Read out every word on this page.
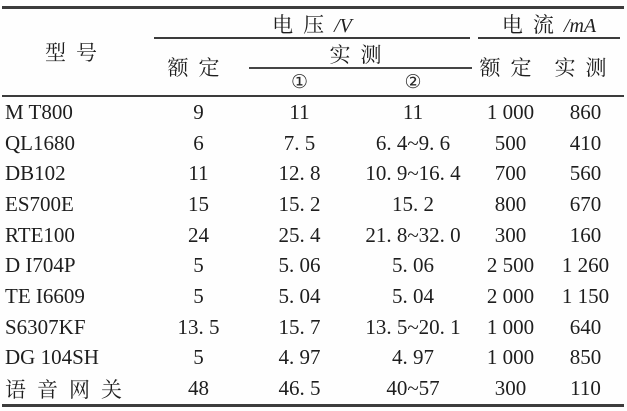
型号	电压/V			电流/mA	
	额定	实测		额定	实测
		①	②		
M T800	9	11	11	1 000	860
QL1680	6	7. 5	6. 4~9. 6	500	410
DB102	11	12. 8	10. 9~16. 4	700	560
ES700E	15	15. 2	15. 2	800	670
RTE100	24	25. 4	21. 8~32. 0	300	160
D I704P	5	5. 06	5. 06	2 500	1 260
TE I6609	5	5. 04	5. 04	2 000	1 150
S6307KF	13. 5	15. 7	13. 5~20. 1	1 000	640
DG 104SH	5	4. 97	4. 97	1 000	850
语音网关	48	46. 5	40~57	300	110
